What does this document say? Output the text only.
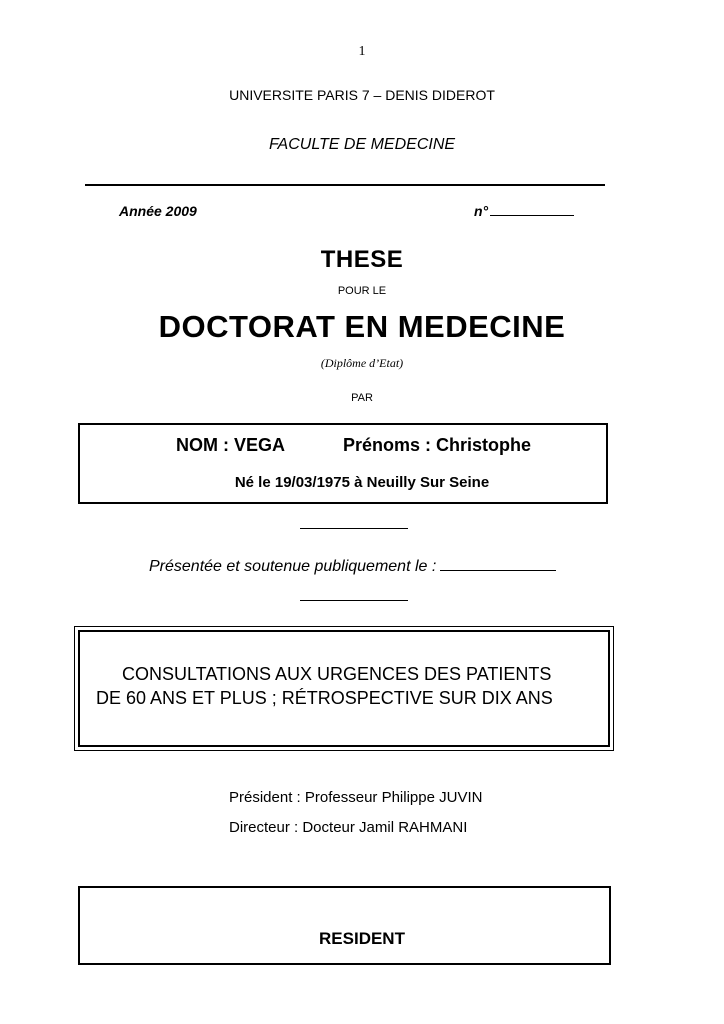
1
UNIVERSITE PARIS 7 – DENIS DIDEROT
FACULTE DE MEDECINE
Année 2009	n°
THESE
POUR LE
DOCTORAT EN MEDECINE
(Diplôme d’Etat)
PAR
NOM : VEGA	Prénoms : Christophe
Né le 19/03/1975 à Neuilly Sur Seine
Présentée et soutenue publiquement le :
CONSULTATIONS AUX URGENCES DES PATIENTS
DE 60 ANS ET PLUS ; RÉTROSPECTIVE SUR DIX ANS
Président : Professeur Philippe JUVIN
Directeur : Docteur Jamil RAHMANI
RESIDENT
